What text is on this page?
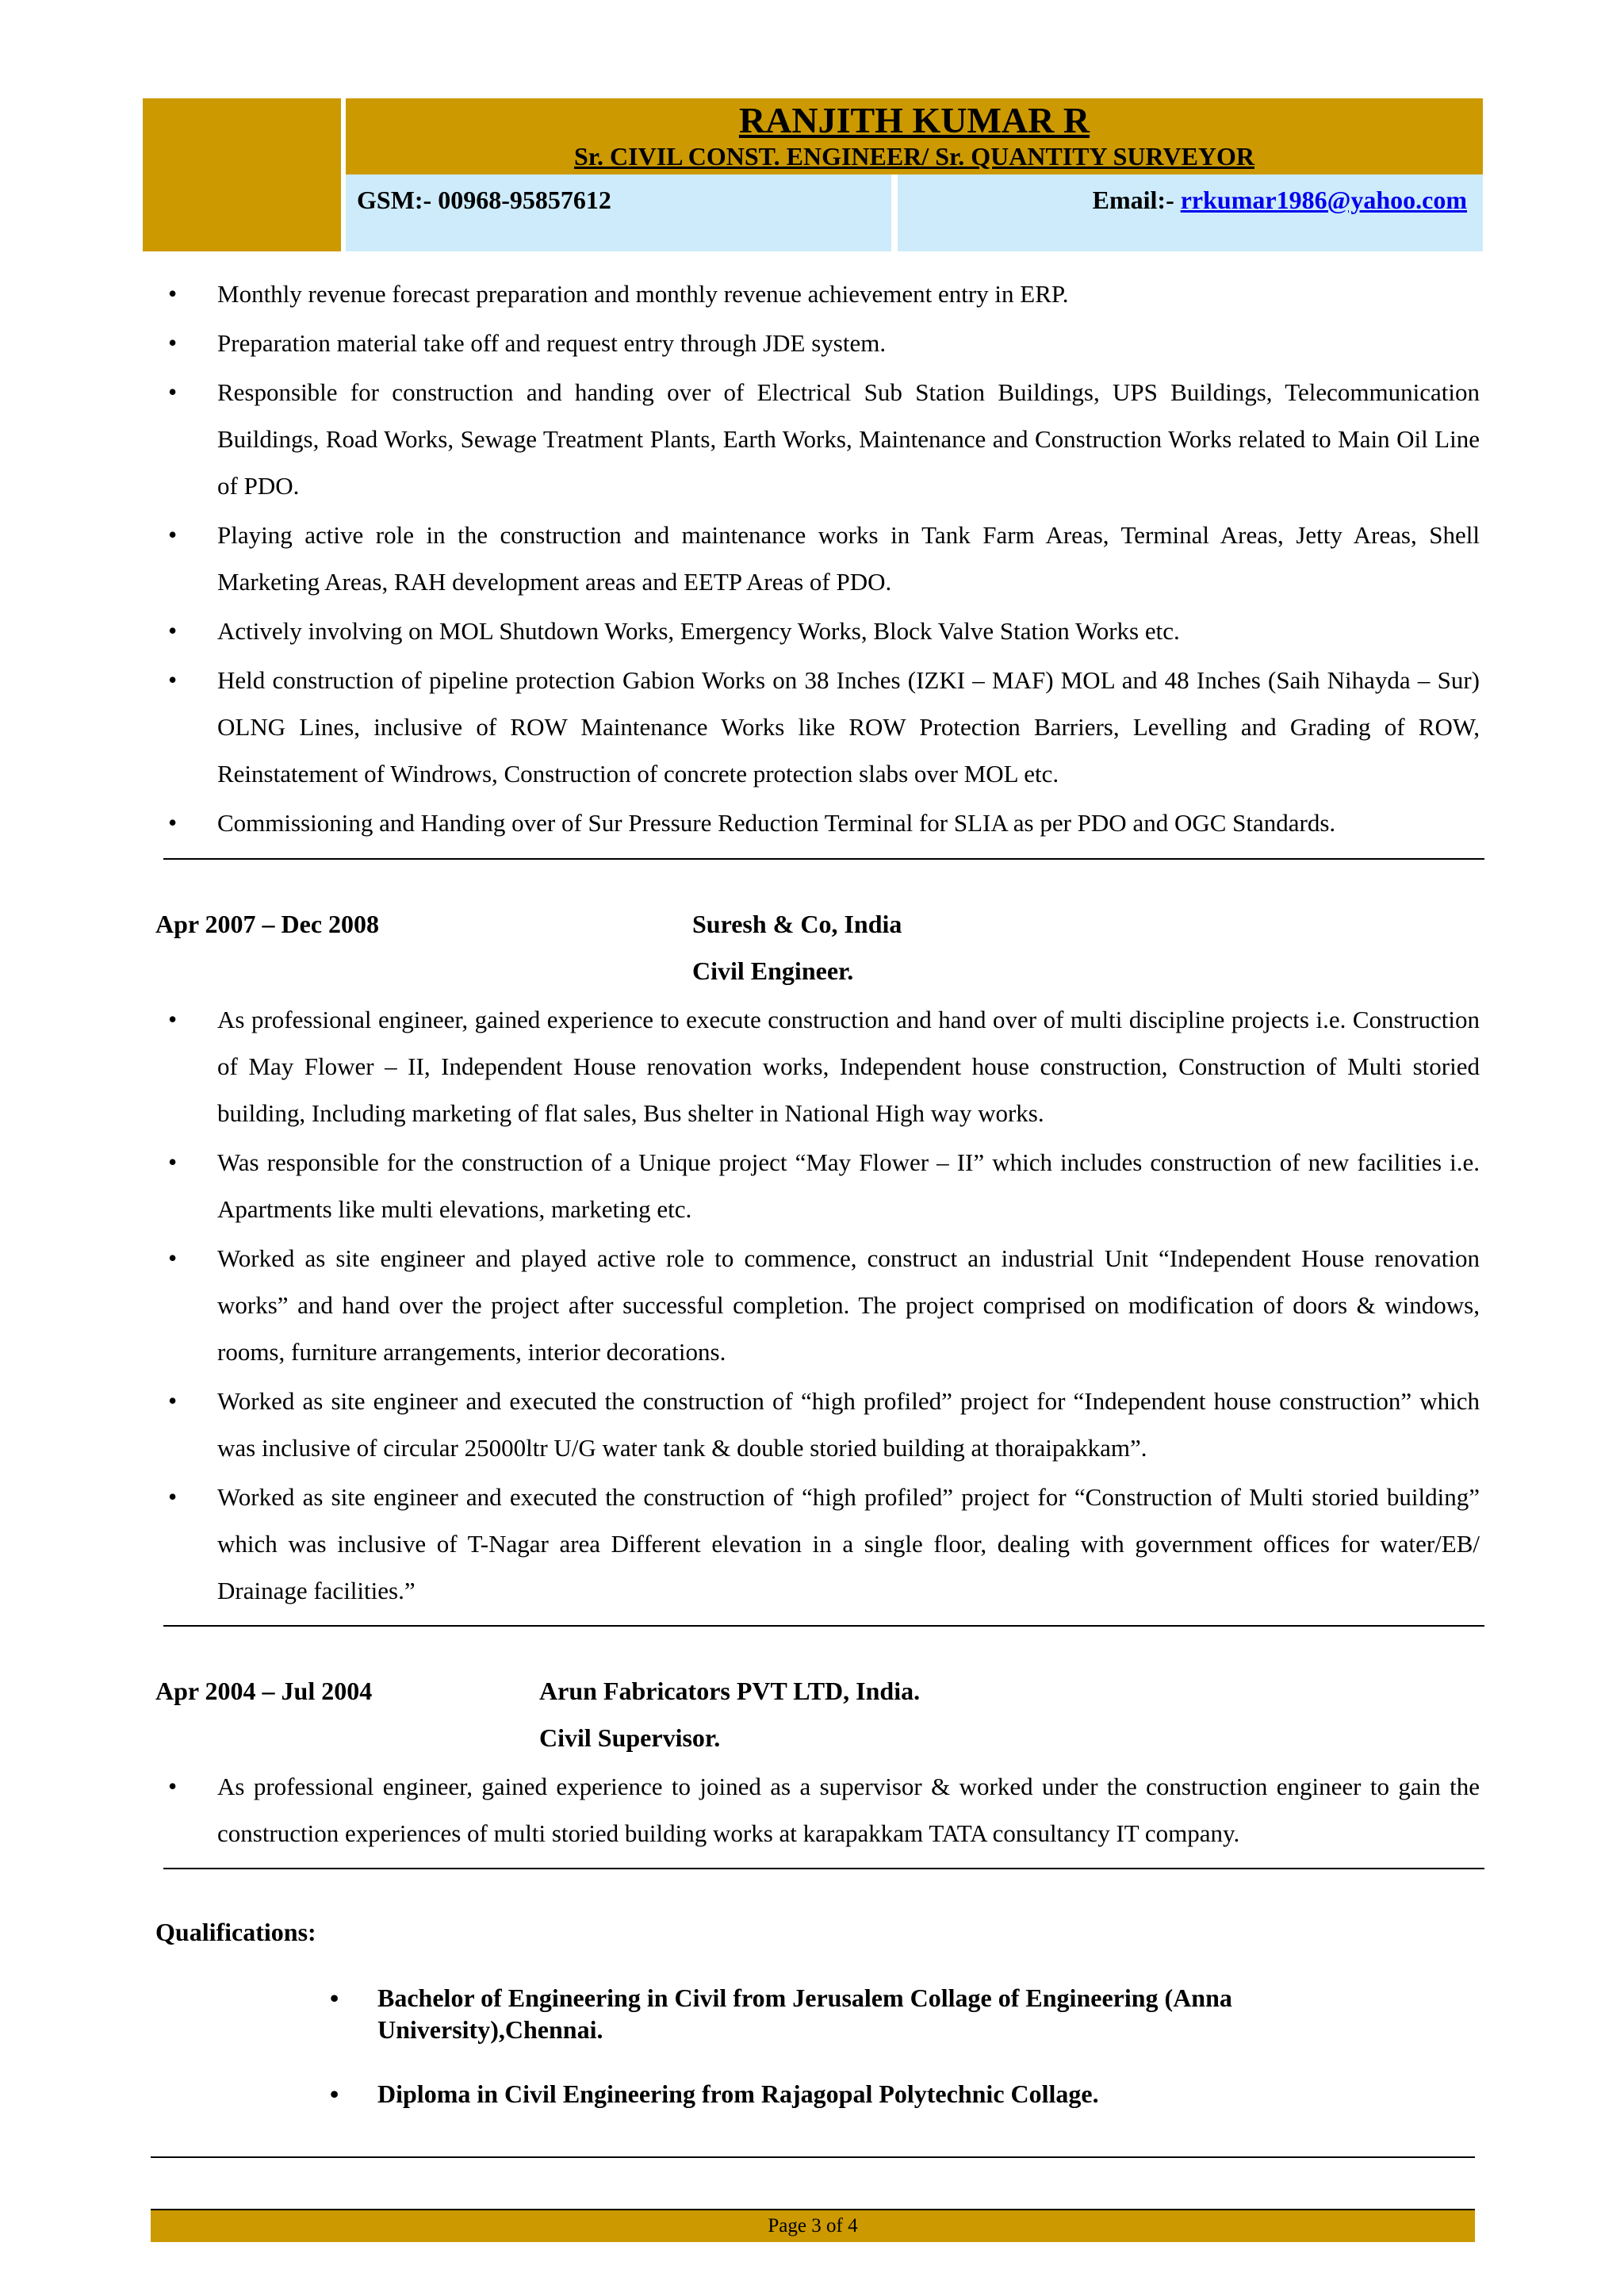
RANJITH KUMAR R
Sr. CIVIL CONST. ENGINEER/ Sr. QUANTITY SURVEYOR
GSM:- 00968-95857612	Email:- rrkumar1986@yahoo.com
• Monthly revenue forecast preparation and monthly revenue achievement entry in ERP.
• Preparation material take off and request entry through JDE system.
• Responsible for construction and handing over of Electrical Sub Station Buildings, UPS Buildings, Telecommunication Buildings, Road Works, Sewage Treatment Plants, Earth Works, Maintenance and Construction Works related to Main Oil Line of PDO.
• Playing active role in the construction and maintenance works in Tank Farm Areas, Terminal Areas, Jetty Areas, Shell Marketing Areas, RAH development areas and EETP Areas of PDO.
• Actively involving on MOL Shutdown Works, Emergency Works, Block Valve Station Works etc.
• Held construction of pipeline protection Gabion Works on 38 Inches (IZKI – MAF) MOL and 48 Inches (Saih Nihayda – Sur) OLNG Lines, inclusive of ROW Maintenance Works like ROW Protection Barriers, Levelling and Grading of ROW, Reinstatement of Windrows, Construction of concrete protection slabs over MOL etc.
• Commissioning and Handing over of Sur Pressure Reduction Terminal for SLIA as per PDO and OGC Standards.
Apr 2007 – Dec 2008	Suresh & Co, India
Civil Engineer.
• As professional engineer, gained experience to execute construction and hand over of multi discipline projects i.e. Construction of May Flower – II, Independent House renovation works, Independent house construction, Construction of Multi storied building, Including marketing of flat sales, Bus shelter in National High way works.
• Was responsible for the construction of a Unique project “May Flower – II” which includes construction of new facilities i.e. Apartments like multi elevations, marketing etc.
• Worked as site engineer and played active role to commence, construct an industrial Unit “Independent House renovation works” and hand over the project after successful completion. The project comprised on modification of doors & windows, rooms, furniture arrangements, interior decorations.
• Worked as site engineer and executed the construction of “high profiled” project for “Independent house construction” which was inclusive of circular 25000ltr U/G water tank & double storied building at thoraipakkam”.
• Worked as site engineer and executed the construction of “high profiled” project for “Construction of Multi storied building” which was inclusive of T-Nagar area Different elevation in a single floor, dealing with government offices for water/EB/ Drainage facilities.”
Apr 2004 – Jul 2004	Arun Fabricators PVT LTD, India.
Civil Supervisor.
• As professional engineer, gained experience to joined as a supervisor & worked under the construction engineer to gain the construction experiences of multi storied building works at karapakkam TATA consultancy IT company.
Qualifications:
• Bachelor of Engineering in Civil from Jerusalem Collage of Engineering (Anna University),Chennai.
• Diploma in Civil Engineering from Rajagopal Polytechnic Collage.
Page 3 of 4
